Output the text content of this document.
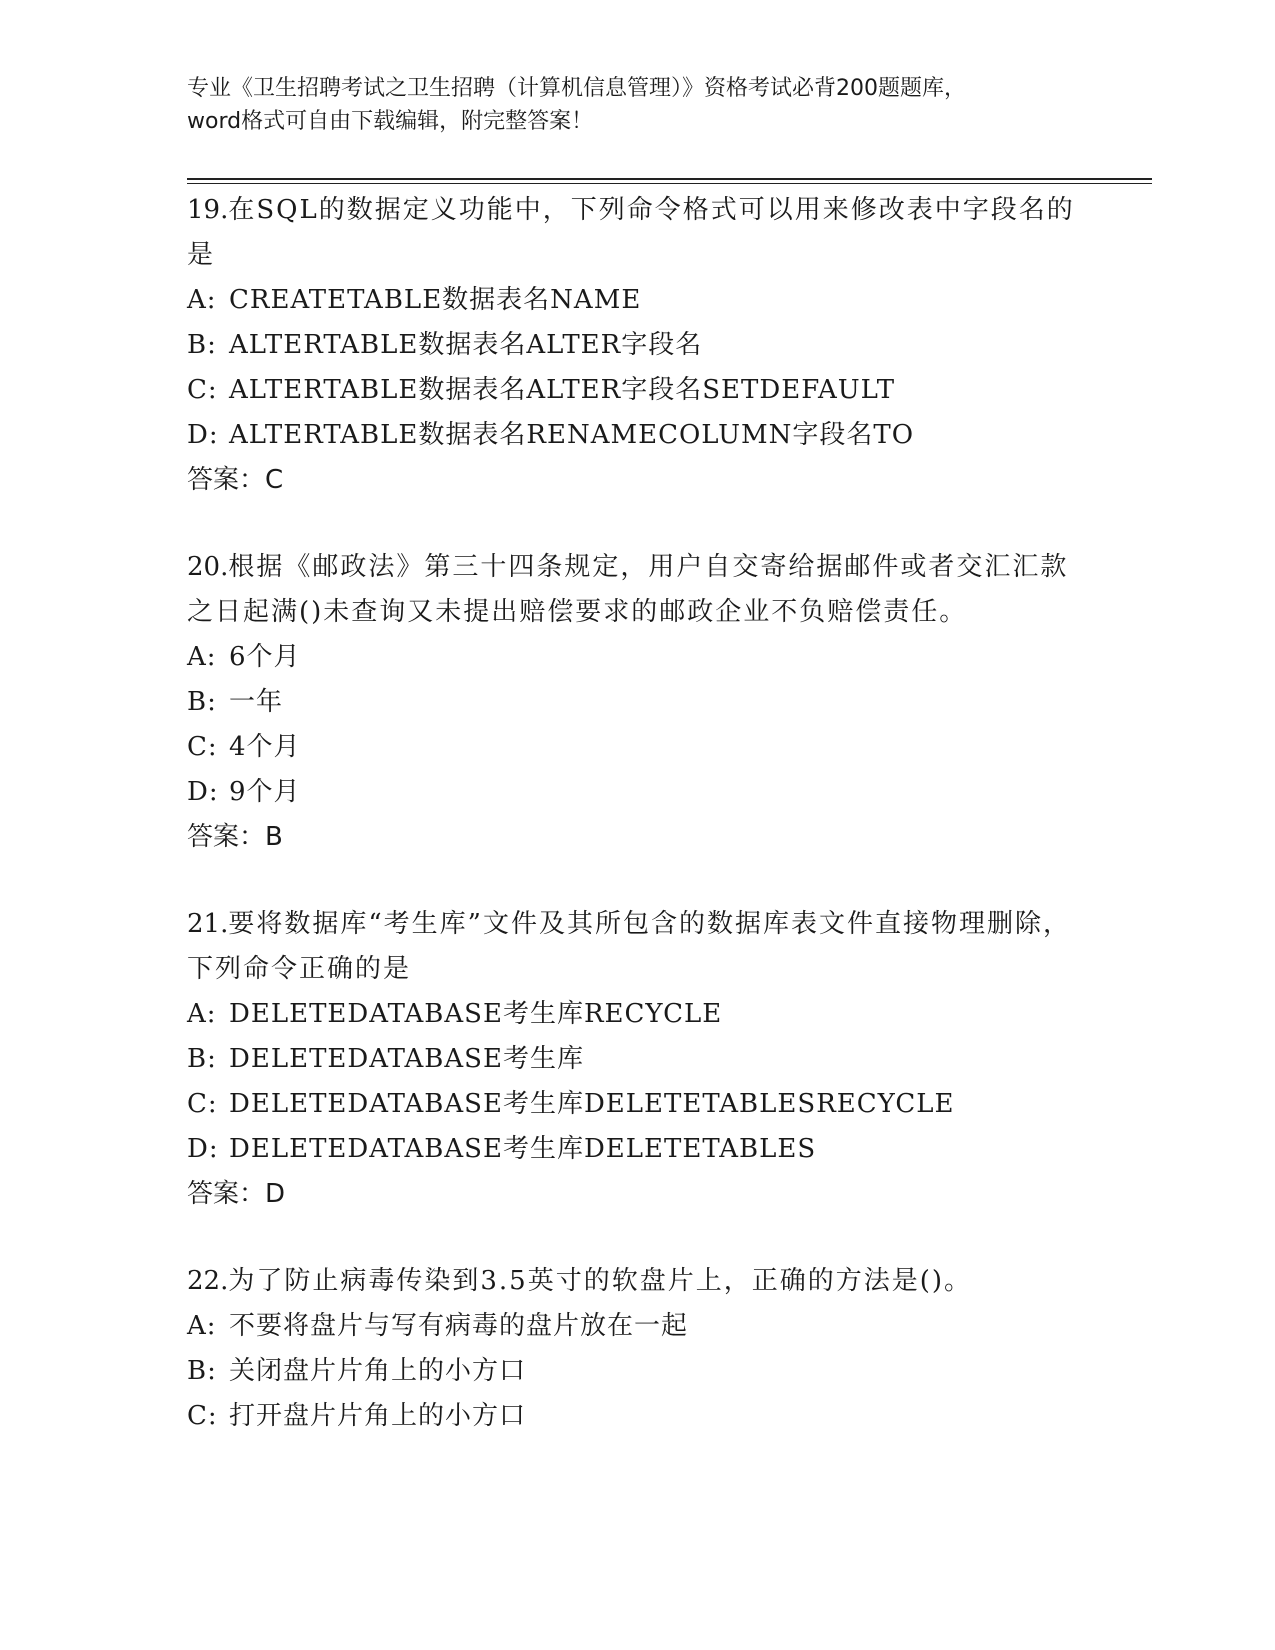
专业《卫生招聘考试之卫生招聘（计算机信息管理）》资格考试必背200题题库，
word格式可自由下载编辑，附完整答案！

19.在SQL的数据定义功能中，下列命令格式可以用来修改表中字段名的是

A: CREATETABLE数据表名NAME

B: ALTERTABLE数据表名ALTER字段名

C: ALTERTABLE数据表名ALTER字段名SETDEFAULT

D: ALTERTABLE数据表名RENAMECOLUMN字段名TO

答案：C

20.根据《邮政法》第三十四条规定，用户自交寄给据邮件或者交汇汇款之日起满()未查询又未提出赔偿要求的邮政企业不负赔偿责任。

A: 6个月

B: 一年

C: 4个月

D: 9个月

答案：B

21.要将数据库“考生库”文件及其所包含的数据库表文件直接物理删除，下列命令正确的是

A: DELETEDATABASE考生库RECYCLE

B: DELETEDATABASE考生库

C: DELETEDATABASE考生库DELETETABLESRECYCLE

D: DELETEDATABASE考生库DELETETABLES

答案：D

22.为了防止病毒传染到3.5英寸的软盘片上，正确的方法是()。

A: 不要将盘片与写有病毒的盘片放在一起

B: 关闭盘片片角上的小方口

C: 打开盘片片角上的小方口
